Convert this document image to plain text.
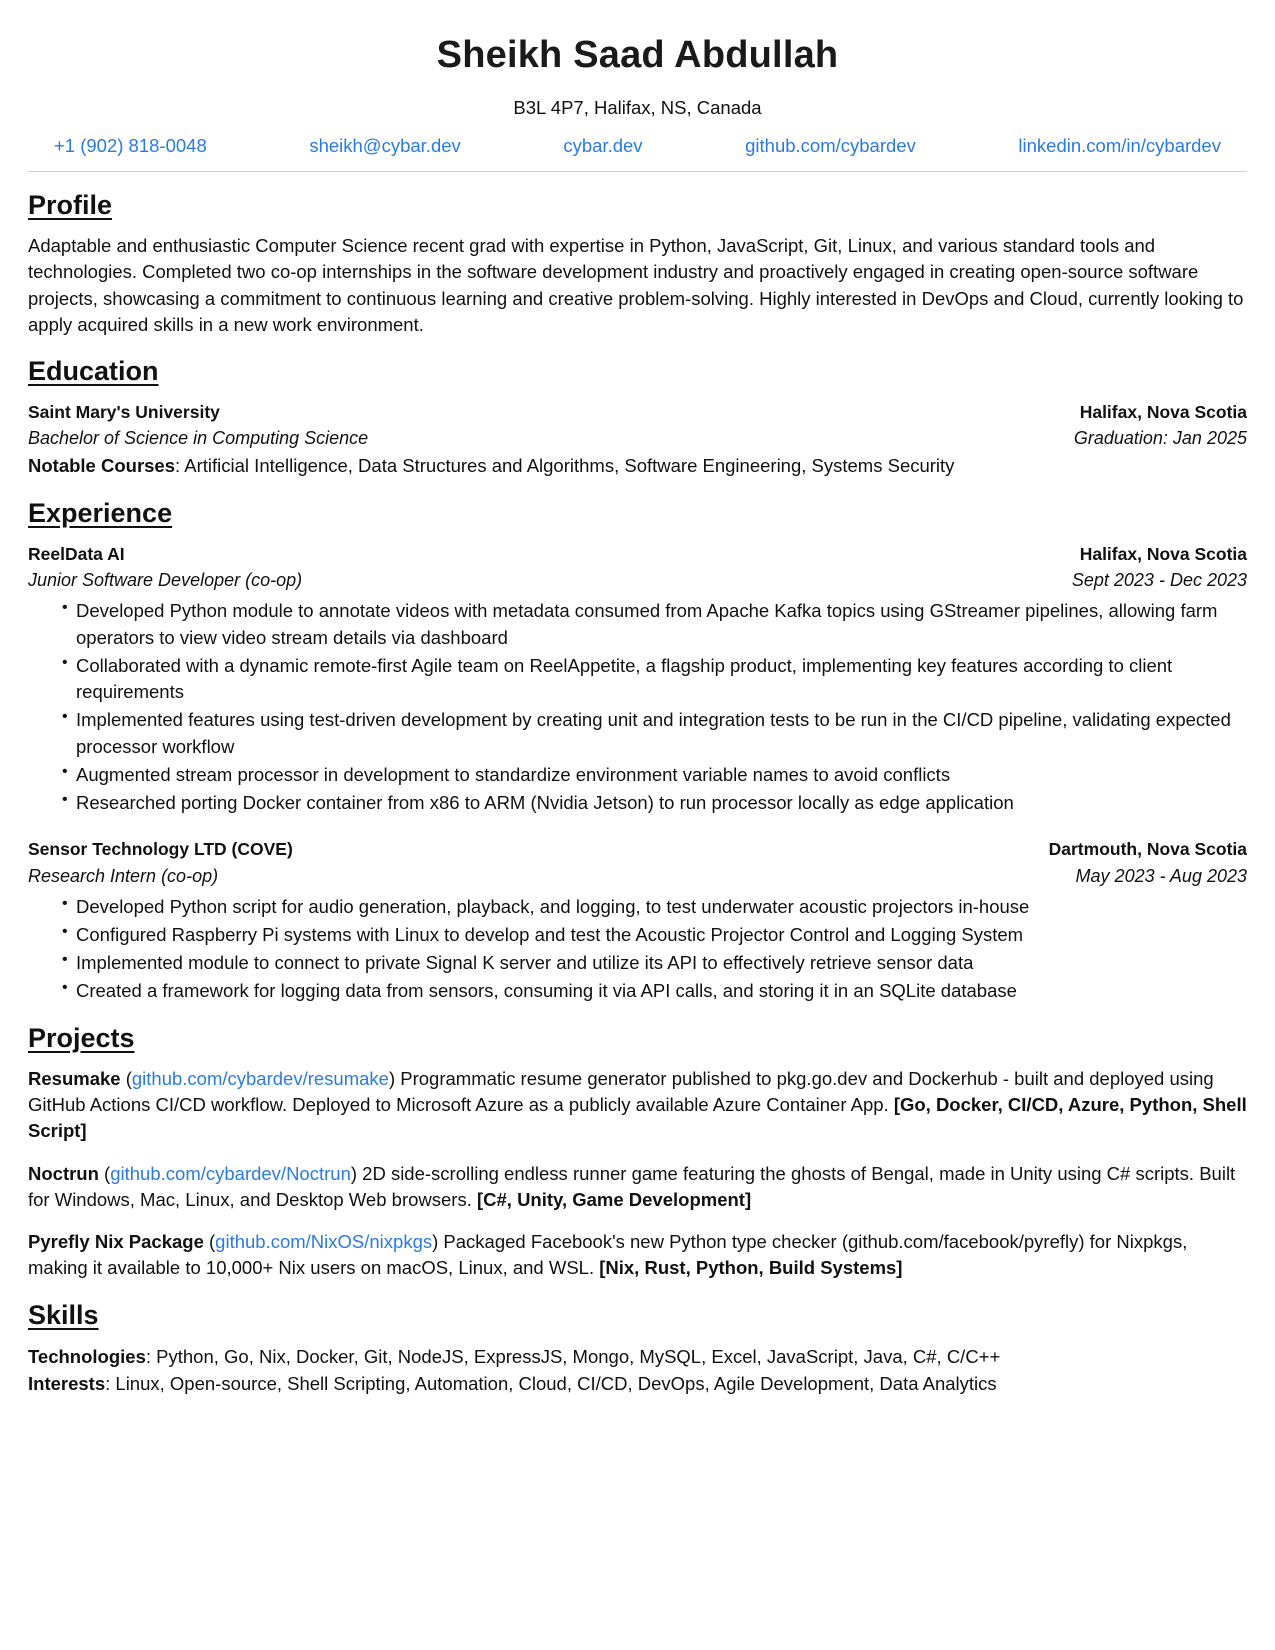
Sheikh Saad Abdullah
B3L 4P7, Halifax, NS, Canada
+1 (902) 818-0048	sheikh@cybar.dev	cybar.dev	github.com/cybardev	linkedin.com/in/cybardev
Profile

Adaptable and enthusiastic Computer Science recent grad with expertise in Python, JavaScript, Git, Linux, and various standard tools and technologies. Completed two co-op internships in the software development industry and proactively engaged in creating open-source software projects, showcasing a commitment to continuous learning and creative problem-solving. Highly interested in DevOps and Cloud, currently looking to apply acquired skills in a new work environment.

Education
Saint Mary's University	Halifax, Nova Scotia
Bachelor of Science in Computing Science	Graduation: Jan 2025
Notable Courses: Artificial Intelligence, Data Structures and Algorithms, Software Engineering, Systems Security
Experience
ReelData AI	Halifax, Nova Scotia
Junior Software Developer (co-op)	Sept 2023 - Dec 2023
• Developed Python module to annotate videos with metadata consumed from Apache Kafka topics using GStreamer pipelines, allowing farm operators to view video stream details via dashboard
• Collaborated with a dynamic remote-first Agile team on ReelAppetite, a flagship product, implementing key features according to client requirements
• Implemented features using test-driven development by creating unit and integration tests to be run in the CI/CD pipeline, validating expected processor workflow
• Augmented stream processor in development to standardize environment variable names to avoid conflicts
• Researched porting Docker container from x86 to ARM (Nvidia Jetson) to run processor locally as edge application
Sensor Technology LTD (COVE)	Dartmouth, Nova Scotia
Research Intern (co-op)	May 2023 - Aug 2023
• Developed Python script for audio generation, playback, and logging, to test underwater acoustic projectors in-house
• Configured Raspberry Pi systems with Linux to develop and test the Acoustic Projector Control and Logging System
• Implemented module to connect to private Signal K server and utilize its API to effectively retrieve sensor data
• Created a framework for logging data from sensors, consuming it via API calls, and storing it in an SQLite database
Projects
Resumake (github.com/cybardev/resumake) Programmatic resume generator published to pkg.go.dev and Dockerhub - built and deployed using GitHub Actions CI/CD workflow. Deployed to Microsoft Azure as a publicly available Azure Container App. [Go, Docker, CI/CD, Azure, Python, Shell Script]
Noctrun (github.com/cybardev/Noctrun) 2D side-scrolling endless runner game featuring the ghosts of Bengal, made in Unity using C# scripts. Built for Windows, Mac, Linux, and Desktop Web browsers. [C#, Unity, Game Development]
Pyrefly Nix Package (github.com/NixOS/nixpkgs) Packaged Facebook's new Python type checker (github.com/facebook/pyrefly) for Nixpkgs, making it available to 10,000+ Nix users on macOS, Linux, and WSL. [Nix, Rust, Python, Build Systems]
Skills
Technologies: Python, Go, Nix, Docker, Git, NodeJS, ExpressJS, Mongo, MySQL, Excel, JavaScript, Java, C#, C/C++
Interests: Linux, Open-source, Shell Scripting, Automation, Cloud, CI/CD, DevOps, Agile Development, Data Analytics
